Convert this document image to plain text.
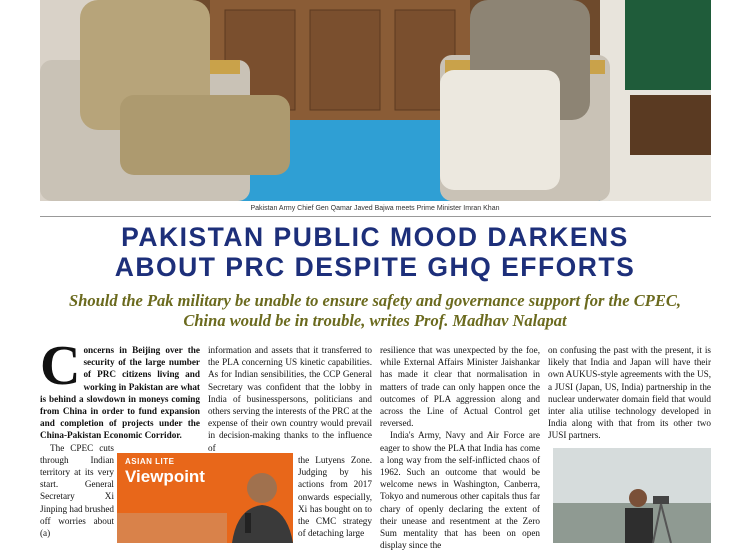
Pakistan Army Chief Gen Qamar Javed Bajwa meets Prime Minister Imran Khan
PAKISTAN PUBLIC MOOD DARKENS
ABOUT PRC DESPITE GHQ EFFORTS
Should the Pak military be unable to ensure safety and governance support for the CPEC,
China would be in trouble, writes Prof. Madhav Nalapat

Concerns in Beijing over the security of the large number of PRC citizens living and working in Pakistan are what is behind a slowdown in moneys coming from China in order to fund expansion and completion of projects under the China-Pakistan Economic Corridor.

The CPEC cuts through Indian territory at its very start. General Secretary Xi Jinping had brushed off worries about (a)

information and assets that it transferred to the PLA concerning US kinetic capabilities. As for Indian sensibilities, the CCP General Secretary was confident that the lobby in India of businesspersons, politicians and others serving the interests of the PRC at the expense of their own country would prevail in decision-making thanks to the influence of

the Lutyens Zone. Judging by his actions from 2017 onwards especially, Xi has bought on to the CMC strategy of detaching large
ASIAN LITE
Viewpoint

resilience that was unexpected by the foe, while External Affairs Minister Jaishankar has made it clear that normalisation in matters of trade can only happen once the outcomes of PLA aggression along and across the Line of Actual Control get reversed.

India's Army, Navy and Air Force are eager to show the PLA that India has come a long way from the self-inflicted chaos of 1962. Such an outcome that would be welcome news in Washington, Canberra, Tokyo and numerous other capitals thus far chary of openly declaring the extent of their unease and resentment at the Zero Sum mentality that has been on open display since the

on confusing the past with the present, it is likely that India and Japan will have their own AUKUS-style agreements with the US, a JUSI (Japan, US, India) partnership in the nuclear underwater domain field that would inter alia utilise technology developed in India along with that from its other two JUSI partners.
